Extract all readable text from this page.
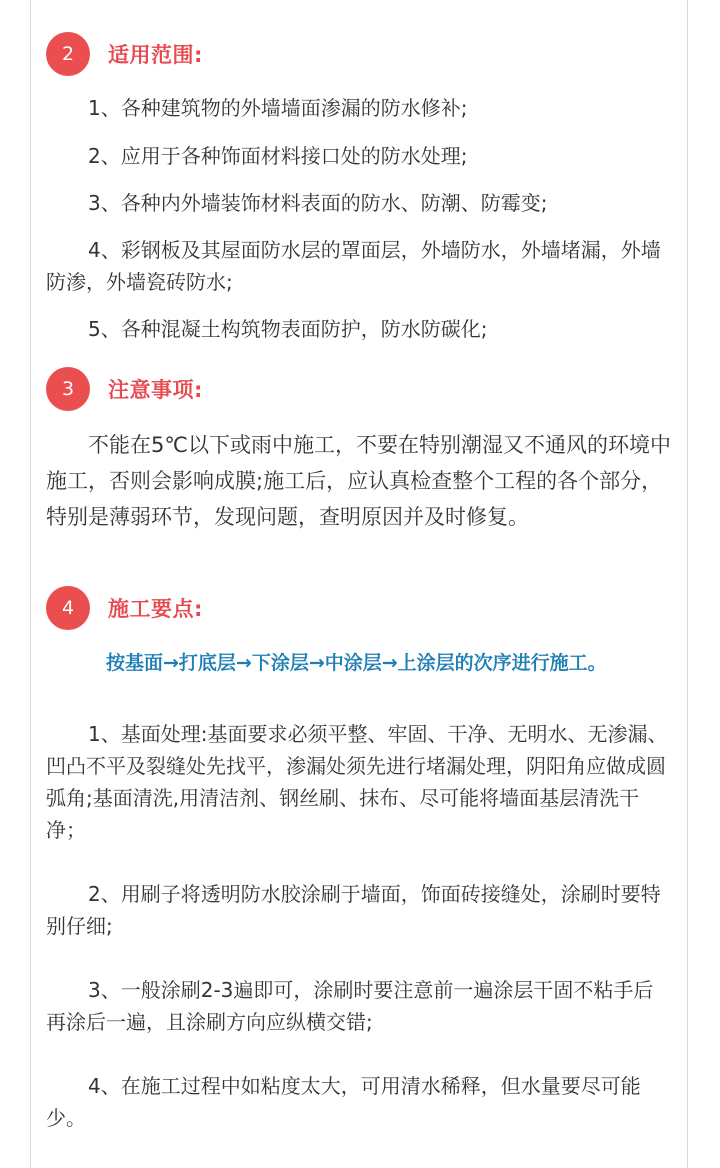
2	适用范围:

1、各种建筑物的外墙墙面渗漏的防水修补;

2、应用于各种饰面材料接口处的防水处理;

3、各种内外墙装饰材料表面的防水、防潮、防霉变;

4、彩钢板及其屋面防水层的罩面层，外墙防水，外墙堵漏，外墙防渗，外墙瓷砖防水;

5、各种混凝土构筑物表面防护，防水防碳化;

3	注意事项:

不能在5℃以下或雨中施工，不要在特别潮湿又不通风的环境中施工，否则会影响成膜;施工后，应认真检查整个工程的各个部分，特别是薄弱环节，发现问题，查明原因并及时修复。

4	施工要点:
按基面→打底层→下涂层→中涂层→上涂层的次序进行施工。

1、基面处理:基面要求必须平整、牢固、干净、无明水、无渗漏、凹凸不平及裂缝处先找平，渗漏处须先进行堵漏处理，阴阳角应做成圆弧角;基面清洗,用清洁剂、钢丝刷、抹布、尽可能将墙面基层清洗干净；

2、用刷子将透明防水胶涂刷于墙面，饰面砖接缝处，涂刷时要特别仔细;

3、一般涂刷2-3遍即可，涂刷时要注意前一遍涂层干固不粘手后再涂后一遍，且涂刷方向应纵横交错;

4、在施工过程中如粘度太大，可用清水稀释，但水量要尽可能少。
